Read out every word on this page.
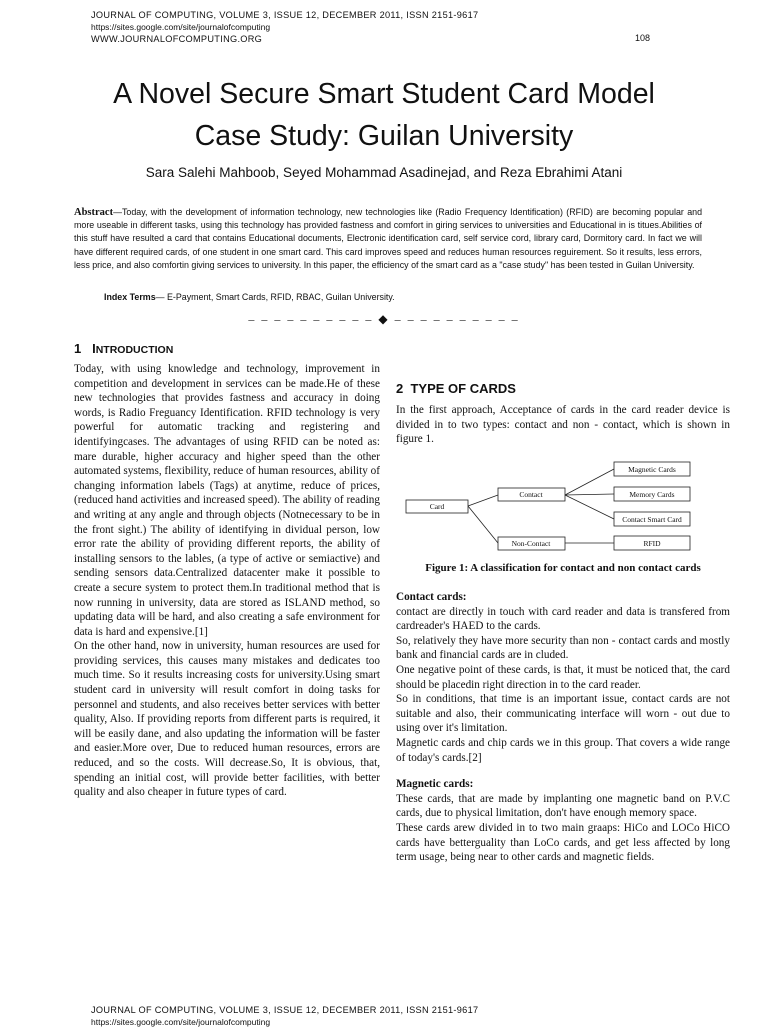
JOURNAL OF COMPUTING, VOLUME 3, ISSUE 12, DECEMBER 2011, ISSN 2151-9617
https://sites.google.com/site/journalofcomputing
WWW.JOURNALOFCOMPUTING.ORG	108
A Novel Secure Smart Student Card Model
Case Study: Guilan University
Sara Salehi Mahboob, Seyed Mohammad Asadinejad, and Reza Ebrahimi Atani
Abstract—Today, with the development of information technology, new technologies like (Radio Frequency Identification) (RFID) are becoming popular and more useable in different tasks, using this technology has provided fastness and comfort in giring services to universities and Educational in is titues.Abilities of this stuff have resulted a card that contains Educational documents, Electronic identification card, self service cord, library card, Dormitory card. In fact we will have different required cards, of one student in one smart card. This card improves speed and reduces human resources reguirement. So it results, less errors, less price, and also comfortin giving services to university. In this paper, the efficiency of the smart card as a "case study" has been tested in Guilan University.
Index Terms— E-Payment, Smart Cards, RFID, RBAC, Guilan University.
– – – – – – – – – – ◆ – – – – – – – – – –
1 INTRODUCTION

Today, with using knowledge and technology, improvement in competition and development in services can be made.He of these new technologies that provides fastness and accuracy in doing words, is Radio Freguancy Identification. RFID technology is very powerful for automatic tracking and registering and identifyingcases. The advantages of using RFID can be noted as: mare durable, higher accuracy and higher speed than the other automated systems, flexibility, reduce of human resources, ability of changing information labels (Tags) at anytime, reduce of prices, (reduced hand activities and increased speed). The ability of reading and writing at any angle and through objects (Notnecessary to be in the front sight.) The ability of identifying in dividual person, low error rate the ability of providing different reports, the ability of installing sensors to the lables, (a type of active or semiactive) and sending sensors data.Centralized datacenter make it possible to create a secure system to protect them.In traditional method that is now running in university, data are stored as ISLAND method, so updating data will be hard, and also creating a safe environment for data is hard and expensive.[1]

On the other hand, now in university, human resources are used for providing services, this causes many mistakes and dedicates too much time. So it results increasing costs for university.Using smart student card in university will result comfort in doing tasks for personnel and students, and also receives better services with better quality, Also. If providing reports from different parts is required, it will be easily dane, and also updating the information will be faster and easier.More over, Due to reduced human resources, errors are reduced, and so the costs. Will decrease.So, It is obvious, that, spending an initial cost, will provide better facilities, with better quality and also cheaper in future types of card.

2 TYPE OF CARDS

In the first approach, Acceptance of cards in the card reader device is divided in to two types: contact and non - contact, which is shown in figure 1.

Card
Contact
Non-Contact
Magnetic Cards
Memory Cards
Contact Smart Card
RFID
Figure 1: A classification for contact and non contact cards

Contact cards:

contact are directly in touch with card reader and data is transfered from cardreader's HAED to the cards.

So, relatively they have more security than non - contact cards and mostly bank and financial cards are in cluded.

One negative point of these cards, is that, it must be noticed that, the card should be placedin right direction in to the card reader.

So in conditions, that time is an important issue, contact cards are not suitable and also, their communicating interface will worn - out due to using over it's limitation.

Magnetic cards and chip cards we in this group. That covers a wide range of today's cards.[2]

Magnetic cards:

These cards, that are made by implanting one magnetic band on P.V.C cards, due to physical limitation, don't have enough memory space.

These cards arew divided in to two main graaps: HiCo and LOCo HiCO cards have betterguality than LoCo cards, and get less affected by long term usage, being near to other cards and magnetic fields.

JOURNAL OF COMPUTING, VOLUME 3, ISSUE 12, DECEMBER 2011, ISSN 2151-9617
https://sites.google.com/site/journalofcomputing
